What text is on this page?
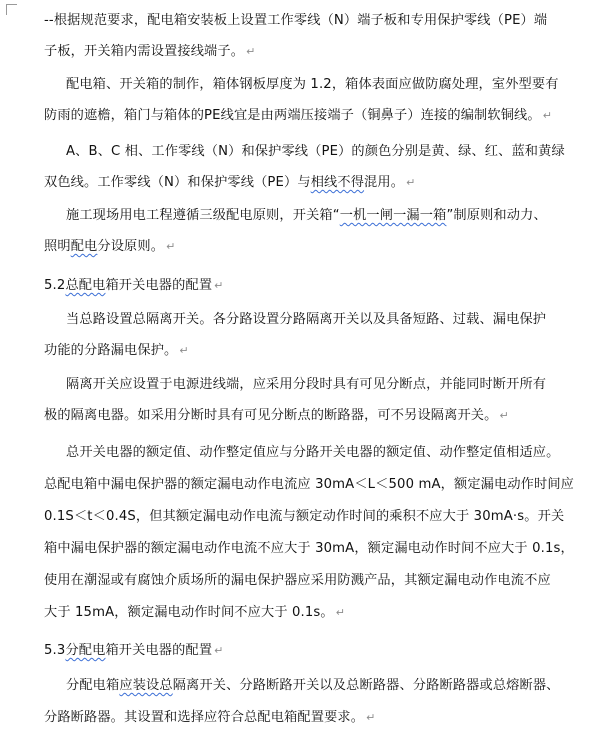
--根据规范要求，配电箱安装板上设置工作零线（N）端子板和专用保护零线（PE）端
子板，开关箱内需设置接线端子。 ↵
配电箱、开关箱的制作，箱体钢板厚度为 1.2，箱体表面应做防腐处理，室外型要有
防雨的遮檐，箱门与箱体的PE线宜是由两端压接端子（铜鼻子）连接的编制软铜线。 ↵
A、B、C 相、工作零线（N）和保护零线（PE）的颜色分别是黄、绿、红、蓝和黄绿
双色线。工作零线（N）和保护零线（PE）与相线不得混用。 ↵
施工现场用电工程遵循三级配电原则，开关箱“一机一闸一漏一箱”制原则和动力、
照明配电分设原则。 ↵
5.2总配电箱开关电器的配置 ↵
当总路设置总隔离开关。各分路设置分路隔离开关以及具备短路、过载、漏电保护
功能的分路漏电保护。 ↵
隔离开关应设置于电源进线端，应采用分段时具有可见分断点，并能同时断开所有
极的隔离电器。如采用分断时具有可见分断点的断路器，可不另设隔离开关。 ↵
总开关电器的额定值、动作整定值应与分路开关电器的额定值、动作整定值相适应。
总配电箱中漏电保护器的额定漏电动作电流应 30mA＜L＜500 mA，额定漏电动作时间应
0.1S＜t＜0.4S，但其额定漏电动作电流与额定动作时间的乘积不应大于 30mA·s。开关
箱中漏电保护器的额定漏电动作电流不应大于 30mA，额定漏电动作时间不应大于 0.1s，
使用在潮湿或有腐蚀介质场所的漏电保护器应采用防溅产品，其额定漏电动作电流不应
大于 15mA，额定漏电动作时间不应大于 0.1s。 ↵
5.3分配电箱开关电器的配置 ↵
分配电箱应装设总隔离开关、分路断路开关以及总断路器、分路断路器或总熔断器、
分路断路器。其设置和选择应符合总配电箱配置要求。 ↵
